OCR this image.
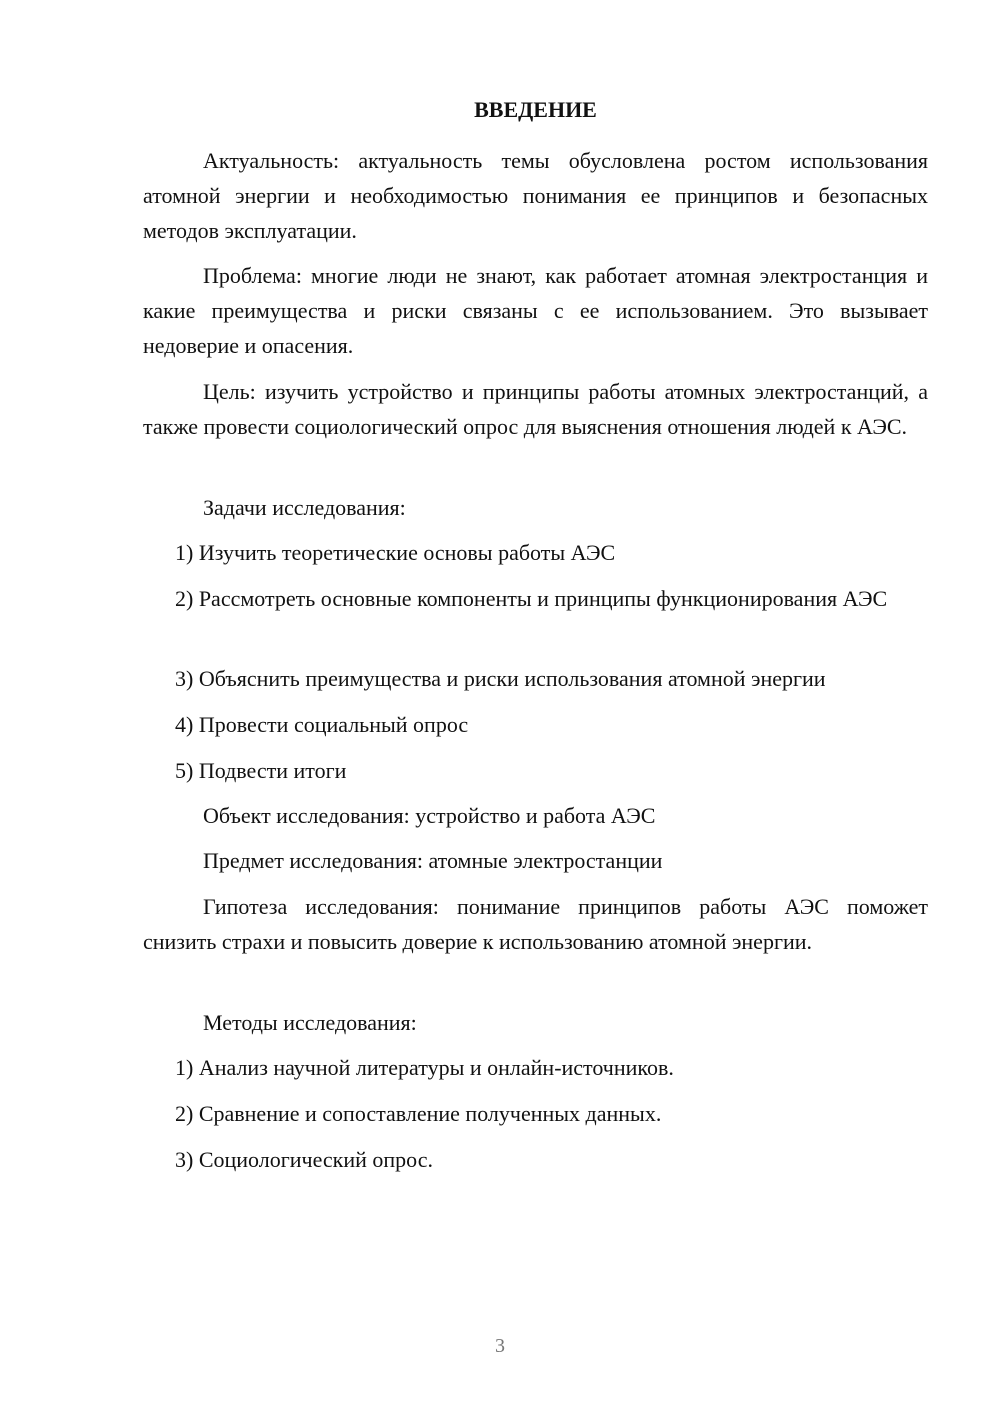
ВВЕДЕНИЕ

Актуальность: актуальность темы обусловлена ростом использования атомной энергии и необходимостью понимания ее принципов и безопасных методов эксплуатации.

Проблема: многие люди не знают, как работает атомная электростанция и какие преимущества и риски связаны с ее использованием. Это вызывает недоверие и опасения.

Цель: изучить устройство и принципы работы атомных электростанций, а также провести социологический опрос для выяснения отношения людей к АЭС.

Задачи исследования:

1) Изучить теоретические основы работы АЭС

2) Рассмотреть основные компоненты и принципы функционирования АЭС

3) Объяснить преимущества и риски использования атомной энергии

4) Провести социальный опрос

5) Подвести итоги

Объект исследования: устройство и работа АЭС

Предмет исследования: атомные электростанции

Гипотеза исследования: понимание принципов работы АЭС поможет снизить страхи и повысить доверие к использованию атомной энергии.

Методы исследования:

1) Анализ научной литературы и онлайн-источников.

2) Сравнение и сопоставление полученных данных.

3) Социологический опрос.

3
